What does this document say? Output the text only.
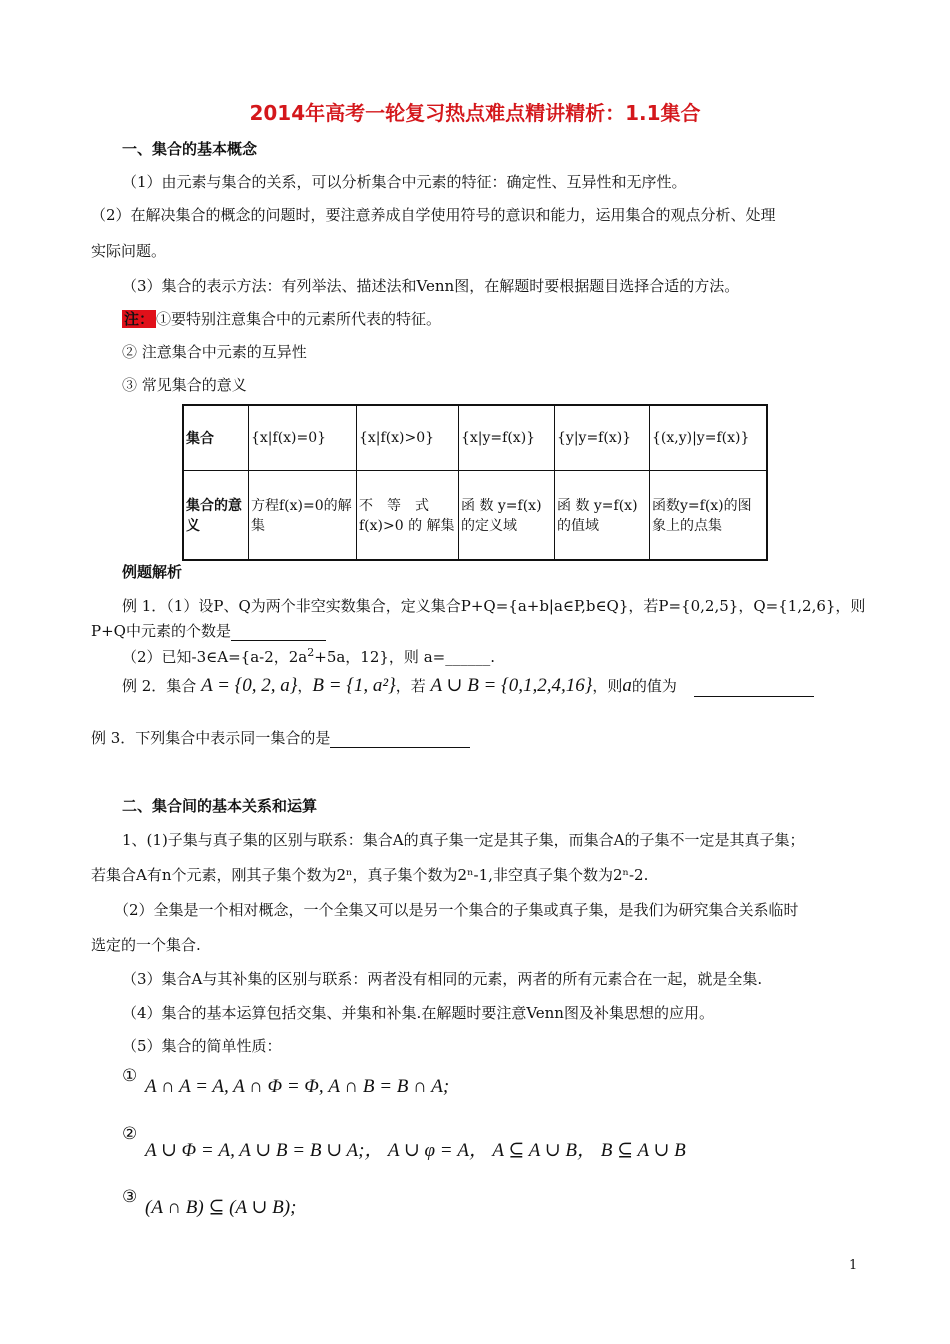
2014年高考一轮复习热点难点精讲精析：1.1集合
一、集合的基本概念
（1）由元素与集合的关系，可以分析集合中元素的特征：确定性、互异性和无序性。
（2）在解决集合的概念的问题时，要注意养成自学使用符号的意识和能力，运用集合的观点分析、处理
实际问题。
（3）集合的表示方法：有列举法、描述法和Venn图，在解题时要根据题目选择合适的方法。
注： ①要特别注意集合中的元素所代表的特征。
② 注意集合中元素的互异性
③ 常见集合的意义
集合	{x|f(x)=0}	{x|f(x)>0}	{x|y=f(x)}	{y|y=f(x)}	{(x,y)|y=f(x)}
集合的意义	方程f(x)=0的解集	不　等　式f(x)>0 的 解集	函 数 y=f(x)的定义域	函 数 y=f(x)的值域	函数y=f(x)的图象上的点集
例题解析
例 1．（1）设P、Q为两个非空实数集合，定义集合P+Q={a+b|a∈P,b∈Q}，若P={0,2,5}，Q={1,2,6}，则
P+Q中元素的个数是
（2）已知-3∈A={a-2，$2a^2+5a$，12}，则 a=______.
例 2．集合 A = {0, 2, a}，B = {1, a²}，若 A ∪ B = {0,1,2,4,16}，则a的值为
例 3．下列集合中表示同一集合的是
二、集合间的基本关系和运算
1、(1)子集与真子集的区别与联系：集合A的真子集一定是其子集，而集合A的子集不一定是其真子集；
若集合A有n个元素，刚其子集个数为2ⁿ，真子集个数为2ⁿ-1,非空真子集个数为2ⁿ-2.
（2）全集是一个相对概念，一个全集又可以是另一个集合的子集或真子集，是我们为研究集合关系临时
选定的一个集合.
（3）集合A与其补集的区别与联系：两者没有相同的元素，两者的所有元素合在一起，就是全集.
（4）集合的基本运算包括交集、并集和补集.在解题时要注意Venn图及补集思想的应用。
（5）集合的简单性质：
① A ∩ A = A, A ∩ Φ = Φ, A ∩ B = B ∩ A;
②
A ∪ Φ = A, A ∪ B = B ∪ A;， A ∪ φ = A， A ⊆ A ∪ B， B ⊆ A ∪ B
③ (A ∩ B) ⊆ (A ∪ B);
1
